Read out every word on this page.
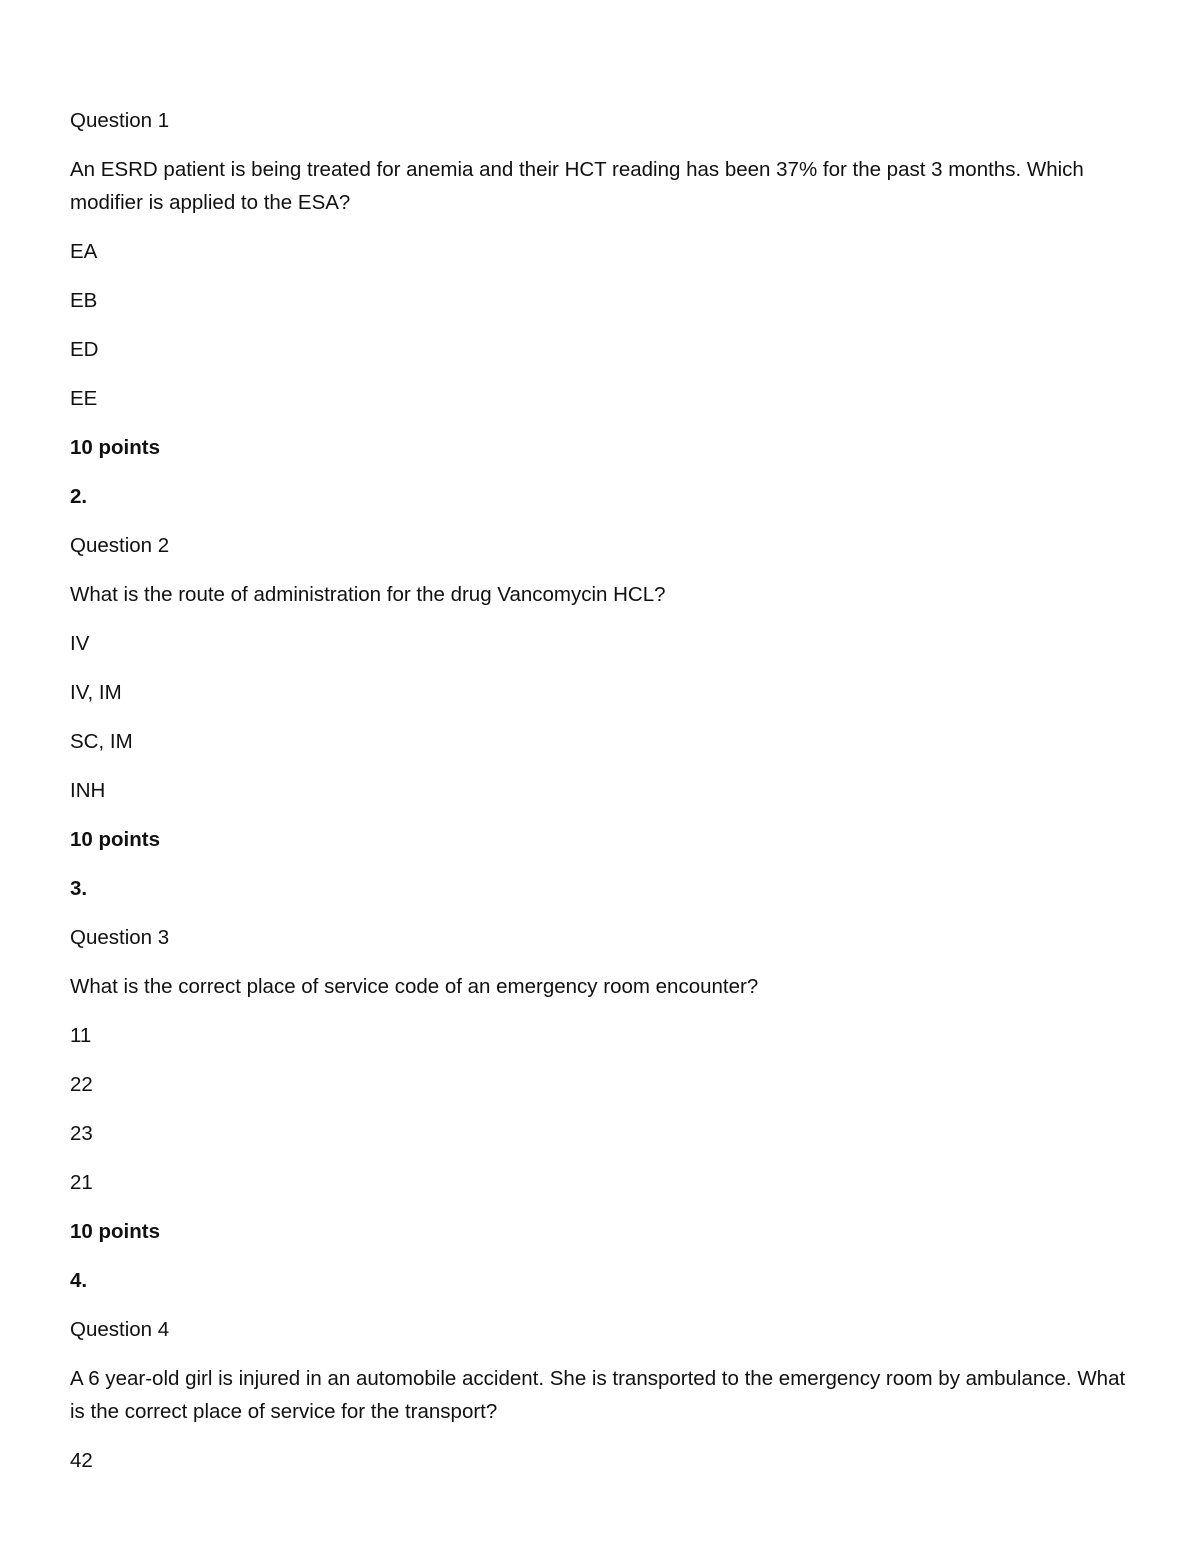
Question 1

An ESRD patient is being treated for anemia and their HCT reading has been 37% for the past 3 months. Which modifier is applied to the ESA?

EA

EB

ED

EE

10 points

2.

Question 2

What is the route of administration for the drug Vancomycin HCL?

IV

IV, IM

SC, IM

INH

10 points

3.

Question 3

What is the correct place of service code of an emergency room encounter?

11

22

23

21

10 points

4.

Question 4

A 6 year-old girl is injured in an automobile accident. She is transported to the emergency room by ambulance. What is the correct place of service for the transport?

42
